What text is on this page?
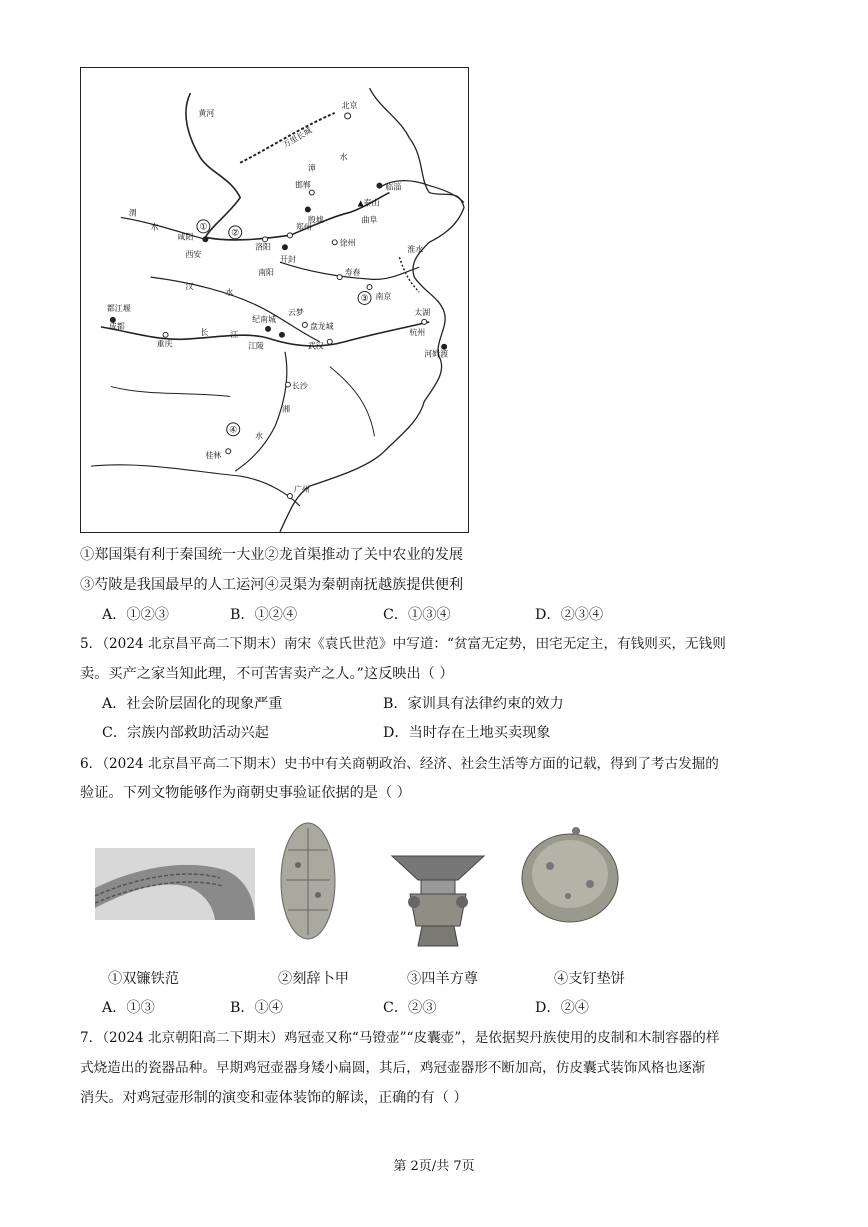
黄河
北京
万里长城
漳
水
邯郸	临淄
▲泰山
曲阜
殷墟
渭
水
咸阳
西安
洛阳
郑州
开封
徐州
淮水
汉
水
南阳	寿春
南京
太湖
杭州
河姆渡
成都
都江堰
重庆
长	江
纪南城
江陵
云梦
盘龙城
武汉
长沙
湘
水
桂林
广州
①
②
③
④
①郑国渠有利于秦国统一大业②龙首渠推动了关中农业的发展
③芍陂是我国最早的人工运河④灵渠为秦朝南抚越族提供便利
A．①②③	B．①②④	C．①③④	D．②③④
5．（2024 北京昌平高二下期末）南宋《袁氏世范》中写道：“贫富无定势，田宅无定主，有钱则买，无钱则
卖。买产之家当知此理，不可苦害卖产之人。”这反映出（ ）
A．社会阶层固化的现象严重	B．家训具有法律约束的效力
C．宗族内部救助活动兴起	D．当时存在土地买卖现象
6．（2024 北京昌平高二下期末）史书中有关商朝政治、经济、社会生活等方面的记载，得到了考古发掘的
验证。下列文物能够作为商朝史事验证依据的是（ ）
①双镰铁范	②刻辞卜甲	③四羊方尊	④支钉垫饼
A．①③	B．①④	C．②③	D．②④
7．（2024 北京朝阳高二下期末）鸡冠壶又称“马镫壶”“皮囊壶”，是依据契丹族使用的皮制和木制容器的样
式烧造出的瓷器品种。早期鸡冠壶器身矮小扁圆，其后，鸡冠壶器形不断加高，仿皮囊式装饰风格也逐渐
消失。对鸡冠壶形制的演变和壶体装饰的解读，正确的有（ ）
第 2页/共 7页
